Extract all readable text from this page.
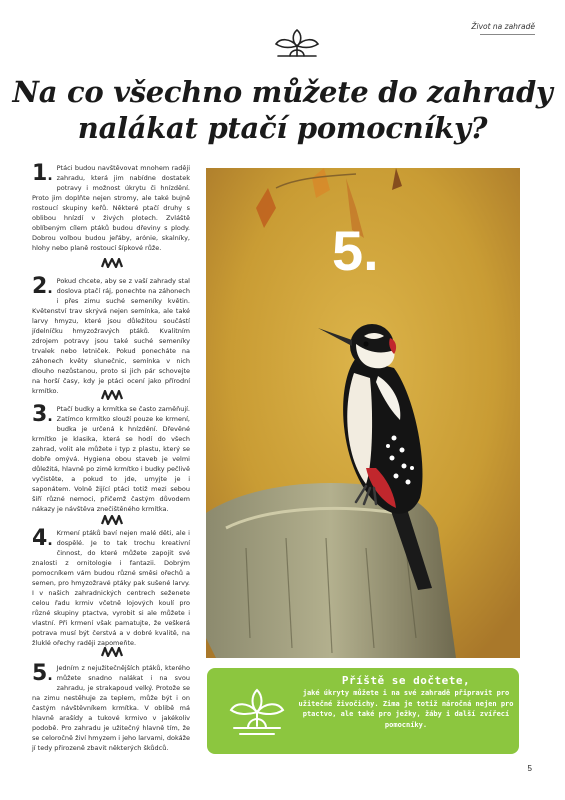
Život na zahradě
Na co všechno můžete do zahrady
nalákat ptačí pomocníky?
1 .	Ptáci budou navštěvovat mnohem raději zahradu, která jim nabídne dostatek potravy i možnost úkrytu či hnízdění. Proto jim doplňte nejen stromy, ale také bujně rostoucí skupiny keřů. Některé ptačí druhy s oblibou hnízdí v živých plotech. Zvláště oblíbeným cílem ptáků budou dřeviny s plody. Dobrou volbou budou jeřáby, arónie, skalníky, hlohy nebo planě rostoucí šípkové růže.

2 .	Pokud chcete, aby se z vaší zahrady stal doslova ptačí ráj, ponechte na záhonech i přes zimu suché semeníky květin. Květenství trav skrývá nejen semínka, ale také larvy hmyzu, které jsou důležitou součástí jídelníčku hmyzožravých ptáků. Kvalitním zdrojem potravy jsou také suché semeníky trvalek nebo letniček. Pokud ponecháte na záhonech květy slunečnic, semínka v nich dlouho nezůstanou, proto si jich pár schovejte na horší časy, kdy je ptáci ocení jako přírodní krmítko.

3 .	Ptačí budky a krmítka se často zaměňují. Zatímco krmítko slouží pouze ke krmení, budka je určená k hnízdění. Dřevěné krmítko je klasika, která se hodí do všech zahrad, volit ale můžete i typ z plastu, který se dobře omývá. Hygiena obou staveb je velmi důležitá, hlavně po zimě krmítko i budky pečlivě vyčistěte, a pokud to jde, umyjte je i saponátem. Volně žijící ptáci totiž mezi sebou šíří různé nemoci, přičemž častým důvodem nákazy je návštěva znečištěného krmítka.

4 .	Krmení ptáků baví nejen malé děti, ale i dospělé. Je to tak trochu kreativní činnost, do které můžete zapojit své znalosti z ornitologie i fantazii. Dobrým pomocníkem vám budou různé směsi ořechů a semen, pro hmyzožravé ptáky pak sušené larvy. I v našich zahradnických centrech seženete celou řadu krmiv včetně lojových koulí pro různé skupiny ptactva, vyrobit si ale můžete i vlastní. Při krmení však pamatujte, že veškerá potrava musí být čerstvá a v dobré kvalitě, na žluklé ořechy raději zapomeňte.

5 .	Jedním z nejužitečnějších ptáků, kterého můžete snadno nalákat i na svou zahradu, je strakapoud velký. Protože se na zimu nestěhuje za teplem, může být i on častým návštěvníkem krmítka. V oblibě má hlavně arašídy a tukové krmivo v jakékoliv podobě. Pro zahradu je užitečný hlavně tím, že se celoročně živí hmyzem i jeho larvami, dokáže jí tedy přirozeně zbavit některých škůdců.

5.
Příště se dočtete,
jaké úkryty můžete i na své zahradě připravit pro užitečné živočichy. Zima je totiž náročná nejen pro ptactvo, ale také pro ježky, žáby i další zvířecí pomocníky.
5
